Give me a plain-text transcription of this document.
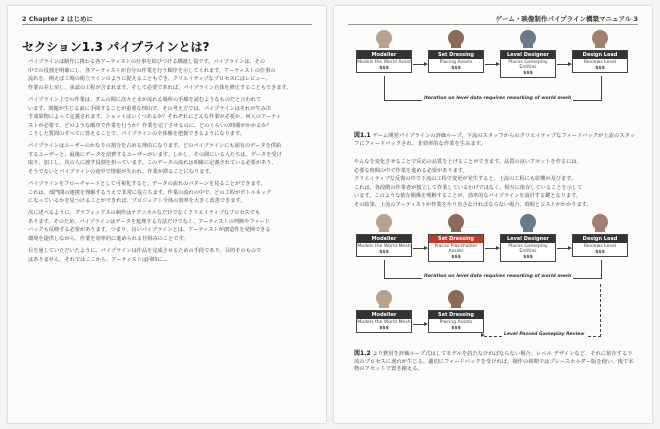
2 Chapter 2 はじめに
セクション1.3 パイプラインとは?
パイプラインは制作に携わる各アーティストの仕事を結びつける橋渡し役です。パイプラインは、その
中での役割を明確にし、各アーティストが自分の作業を行う順序を示してくれます。アーティストの仕事の
流れを、例えば工場の組立ラインのように捉えることもでき、クリエイティブなプロセスにはレビュー、
作業の差し戻し、承認の工程が含まれます。そして必要であれば、パイプライン自体を修正することもできます。
パイプライン上での作業は、ダムの間に次々と水が流れる場所の手順を読むようなものだと言われて
います。問題が生じる前に手間することが重要な理由で、その考え方では、パイプラインはそれが生み出
す成果物によって定義されます。ショットはいくつあるか？それぞれにどんな作業が必要か、何人のアーティ
ストが必要で、どのような順序で作業を行うか？作業を完了させるのに、どのくらいの時間がかかるか？
こうした質問のすべてに答えることで、パイプラインの全体像を把握できるようになります。
パイプラインはユーザーのかなりの割合を占める理由になります。どのパイプラインにも固有のデータを供給
するユーザーと、最後にデータを消費するユーザーがいます。しかし、その間にいる人たちは、データを受け
取り、加工し、次の人に渡す役割を担っています。このデータの流れは明確に定義されている必要があり、
そうでないとパイプラインの途中で情報が失われ、作業が滞ることになります。
パイプラインをフローチャートとして可視化すると、データの流れのパターンを見ることができます。
これは、部門間の連携を理解するうえで非常に役立ちます。作業の流れの中で、どの工程がボトルネック
になっているかを見つけることができれば、プロジェクト全体の効率を大きく改善できます。
次に述べるように、グラフィックスの制作はテクニカルなだけでなくクリエイティブなプロセスでも
あります。そのため、パイプラインはデータを処理する方法だけでなく、アーティストの判断やフィード
バックも反映する必要があります。つまり、良いパイプラインとは、アーティストが創造性を発揮できる
環境を提供しながら、作業を効率的に進められる仕組みのことです。
目を通していただいたように、パイプラインは作品を完成させるための手段であり、目的そのもので
はありません。それではここから、アーティストは同時に...
ゲーム・映像制作パイプライン構築マニュアル 3
Modeller
Models the World Asset
$$$
Set Dressing
Placing Assets
$$$
Level Designer
Places Gameplay Entities
$$$
Design Lead
Reviews Level
$$$
Iteration on level data requires reworking of world mesh
図1.1 ゲーム開発パイプラインの評価ループ。下流のスタッフからのクリエイティブなフィードバックが上流のスタッフにフィードバックされ、非効率的な作業を生みます。
やんなを変化させることで反応の品質を上げることができます。品質の良いアセットを作るには、
必要な時間の中で作業を進める必要があります。
クリエイティブな反復の中で下流の工程で変更が発生すると、上流の工程にも影響が及びます。
これは、各段階の作業者が独立して作業しているわけではなく、相互に依存していることを示して
います。このような依存関係を理解することが、効率的なパイプラインを設計する鍵となります。
その結果、上流のアーティストが作業をやり直さなければならない場合、時間とコストがかかります。
Modeller
Models the World Mesh
$$$
Set Dressing
Places Placeholder Assets
$$$
Level Designer
Places Gameplay Entities
$$$
Design Lead
Reviews Level
$$$
Iteration on level data requires reworking of world mesh
Modeller
Models the World Mesh
$$$
Set Dressing
Placing Assets
$$$
Level Passed Gameplay Review
図1.2 より費用を評価ループ式はしてモデルを持たなければならない場合、レベル デザインなど、それに依存する下流のプロセスに遅れが生じる。適切にフィードバックを受ければ、制作の初期ではプレースホルダー版を使い、後で本物のアセットで置き換える。
